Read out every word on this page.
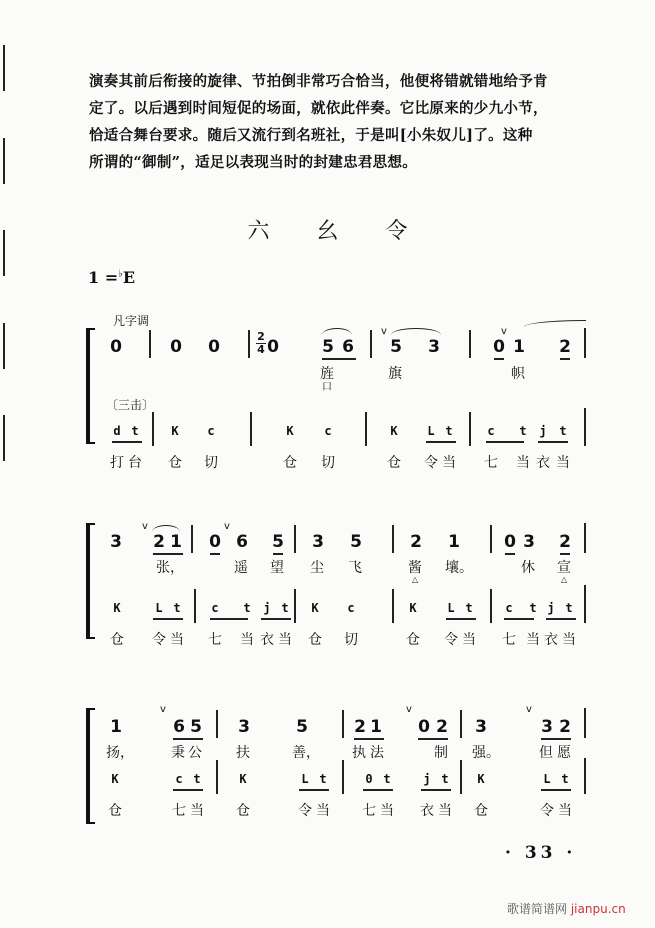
演奏其前后衔接的旋律、节拍倒非常巧合恰当，他便将错就错地给予肯
定了。以后遇到时间短促的场面，就依此伴奏。它比原来的少九小节，
恰适合舞台要求。随后又流行到名班社，于是叫[小朱奴儿]了。这种
所谓的“御制”，适足以表现当时的封建忠君思想。
六 幺 令
1 =♭E
凡字调
0	0 0
2
4 0	5 6
旌
口
v
5 3
旗
v
0 1 2
帜
〔三击〕
d t	K c	K	c	K L t	c t j t
打 台 仓 切	仓 切	仓 令 当 七 当 衣 当
3
v
2 1
张，
0
v
6 5
遥 望
3 5
尘 飞
2 1
酱
△
壤。
0 3 2
休 宣
△
K	L t	c t j t K c	K	L t	c t j t
仓 令 当 七 当 衣 当 仓 切	仓 令 当 七 当 衣 当
1
扬，
v
6 5
秉 公
3	5
扶	善，
2 1
v
0 2
执 法	制
3
强。
v
3 2
但 愿
K	c t	K	L t	0 t	j t K	L t
仓	七 当 仓	令 当 七 当 衣 当 仓	令 当
· 33 ·
歌谱简谱网 jianpu.cn
